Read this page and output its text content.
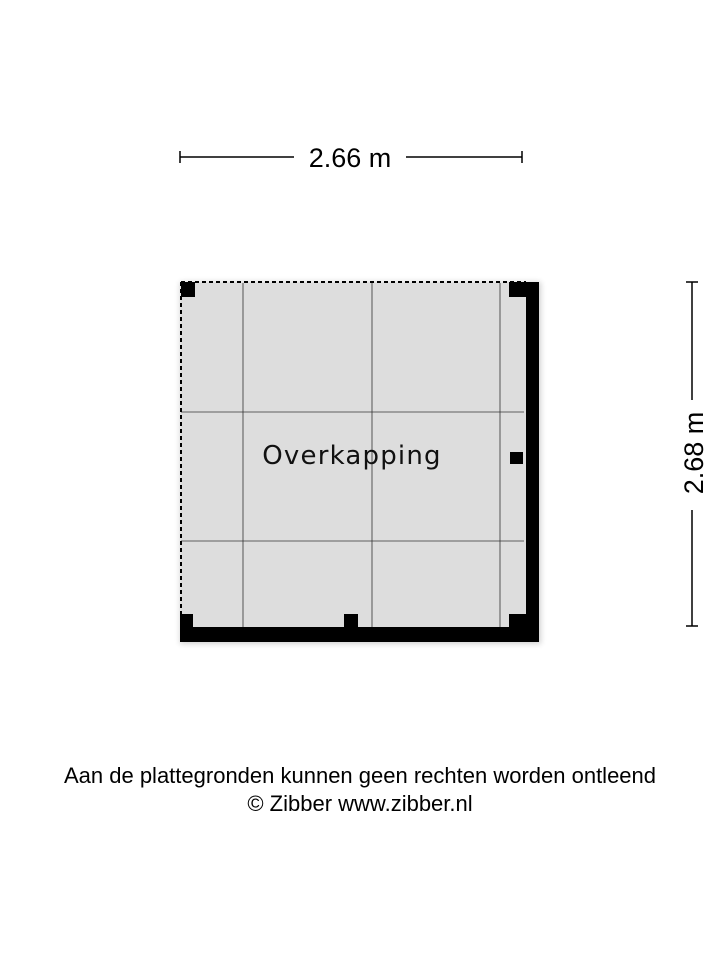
2.66 m
2.68 m
Overkapping
Aan de plattegronden kunnen geen rechten worden ontleend
© Zibber www.zibber.nl
